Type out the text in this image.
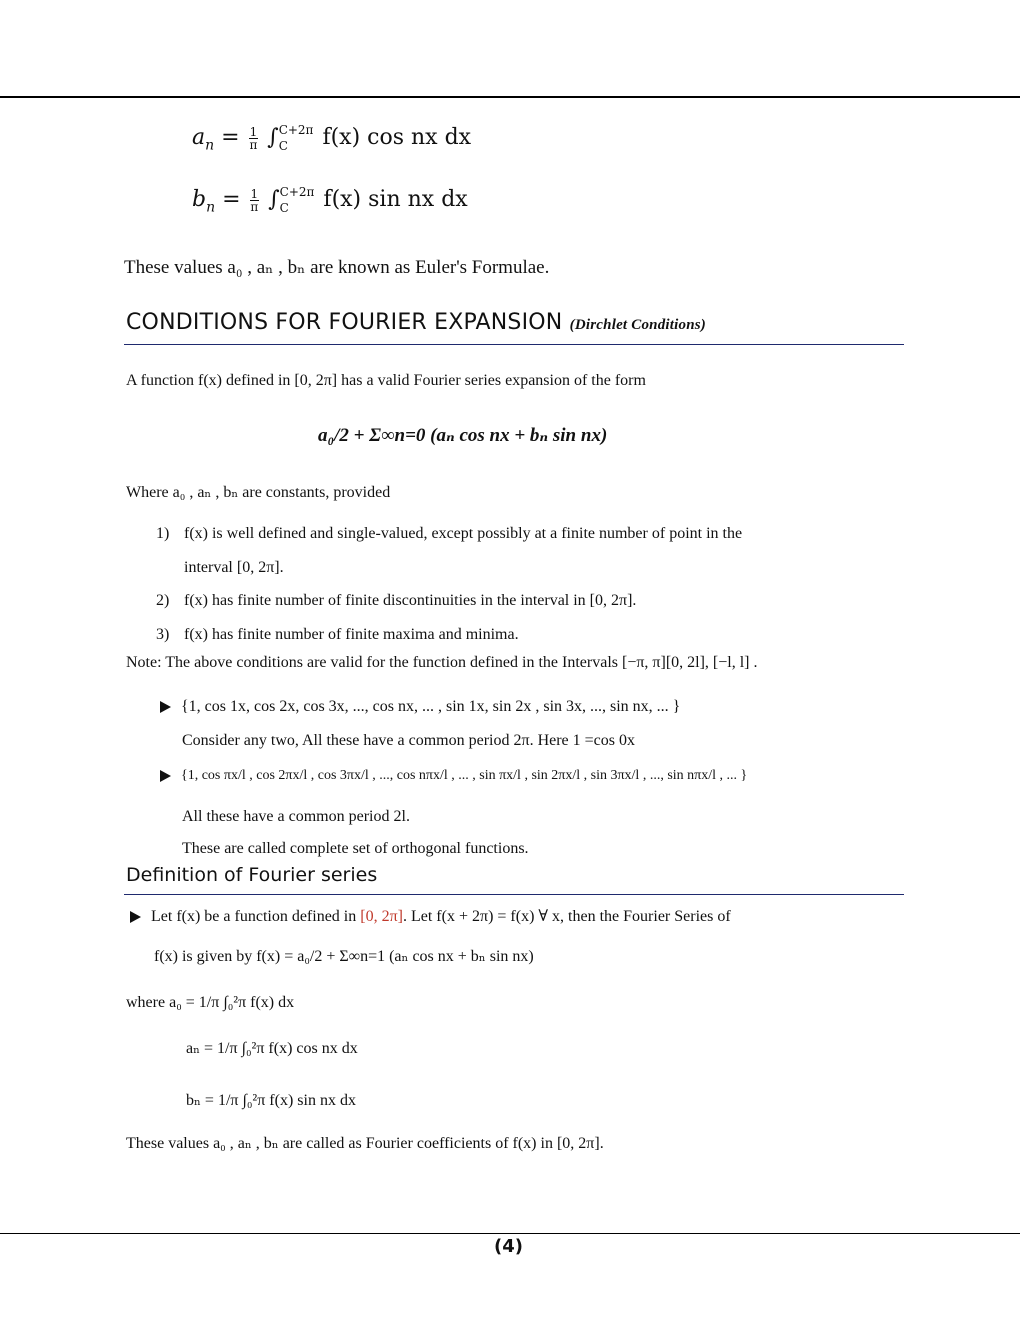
$a_n = \frac{1}{\pi}$ ∫ C+2π
C	f(x) cos nx dx
$b_n = \frac{1}{\pi}$ ∫ C+2π
C	f(x) sin nx dx
These values a₀ , aₙ , bₙ are known as Euler's Formulae.
CONDITIONS FOR FOURIER EXPANSION (Dirchlet Conditions)
A function f(x) defined in [0, 2π] has a valid Fourier series expansion of the form
a₀/2 + Σ∞n=0 (aₙ cos nx + bₙ sin nx)
Where a₀ , aₙ , bₙ are constants, provided
1) f(x) is well defined and single-valued, except possibly at a finite number of point in the
interval [0, 2π].
2) f(x) has finite number of finite discontinuities in the interval in [0, 2π].
3) f(x) has finite number of finite maxima and minima.
Note: The above conditions are valid for the function defined in the Intervals [−π, π][0, 2l], [−l, l] .
{1, cos 1x, cos 2x, cos 3x, ..., cos nx, ... , sin 1x, sin 2x , sin 3x, ..., sin nx, ... }
Consider any two, All these have a common period 2π. Here 1 =cos 0x
{1, cos πx/l , cos 2πx/l , cos 3πx/l , ..., cos nπx/l , ... , sin πx/l , sin 2πx/l , sin 3πx/l , ..., sin nπx/l , ... }
All these have a common period 2l.
These are called complete set of orthogonal functions.
Definition of Fourier series
Let f(x) be a function defined in [0, 2π]. Let f(x + 2π) = f(x) ∀ x, then the Fourier Series of
f(x) is given by f(x) = a₀/2 + Σ∞n=1 (aₙ cos nx + bₙ sin nx)
where a₀ = 1/π ∫₀²π f(x) dx
aₙ = 1/π ∫₀²π f(x) cos nx dx
bₙ = 1/π ∫₀²π f(x) sin nx dx
These values a₀ , aₙ , bₙ are called as Fourier coefficients of f(x) in [0, 2π].
(4)
